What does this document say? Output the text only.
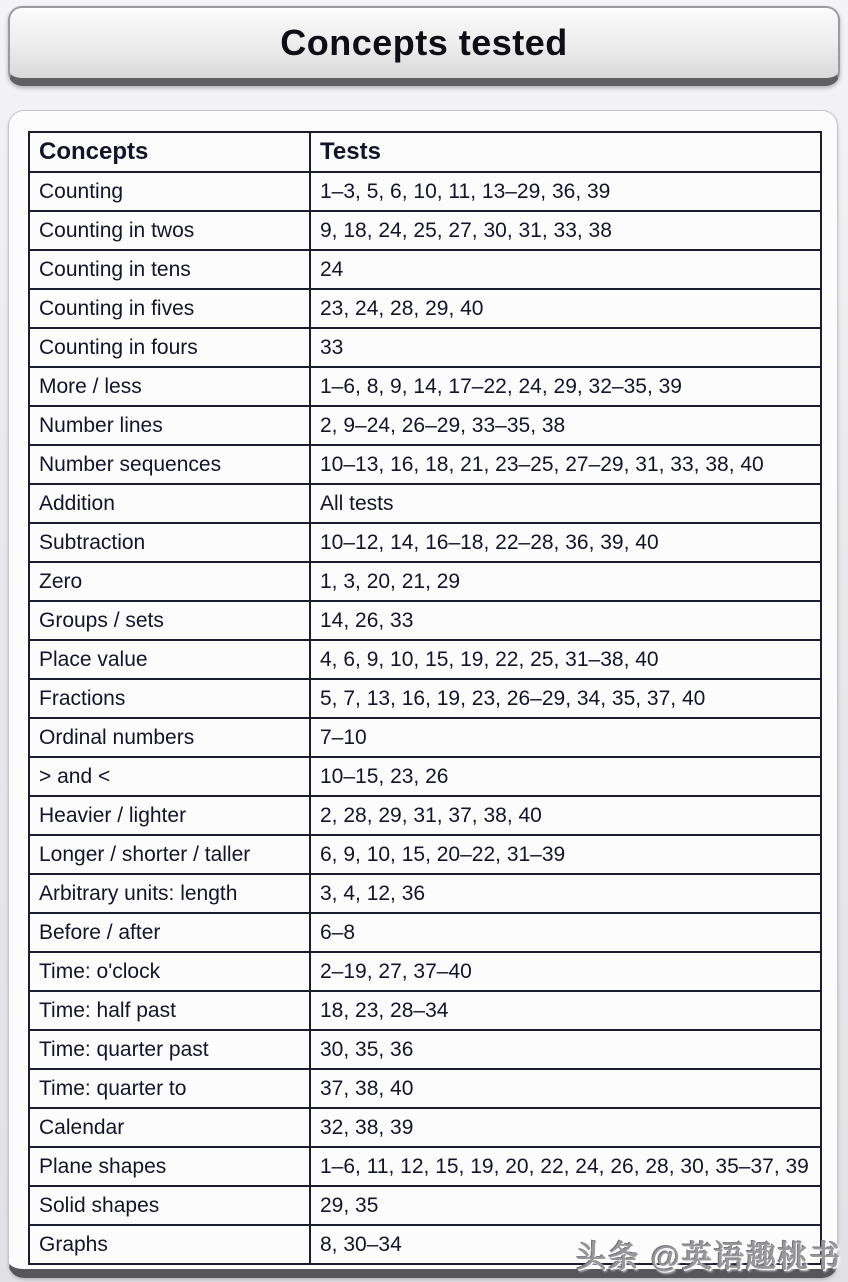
Concepts tested
Concepts	Tests
Counting	1–3, 5, 6, 10, 11, 13–29, 36, 39
Counting in twos	9, 18, 24, 25, 27, 30, 31, 33, 38
Counting in tens	24
Counting in fives	23, 24, 28, 29, 40
Counting in fours	33
More / less	1–6, 8, 9, 14, 17–22, 24, 29, 32–35, 39
Number lines	2, 9–24, 26–29, 33–35, 38
Number sequences	10–13, 16, 18, 21, 23–25, 27–29, 31, 33, 38, 40
Addition	All tests
Subtraction	10–12, 14, 16–18, 22–28, 36, 39, 40
Zero	1, 3, 20, 21, 29
Groups / sets	14, 26, 33
Place value	4, 6, 9, 10, 15, 19, 22, 25, 31–38, 40
Fractions	5, 7, 13, 16, 19, 23, 26–29, 34, 35, 37, 40
Ordinal numbers	7–10
> and <	10–15, 23, 26
Heavier / lighter	2, 28, 29, 31, 37, 38, 40
Longer / shorter / taller	6, 9, 10, 15, 20–22, 31–39
Arbitrary units: length	3, 4, 12, 36
Before / after	6–8
Time: o'clock	2–19, 27, 37–40
Time: half past	18, 23, 28–34
Time: quarter past	30, 35, 36
Time: quarter to	37, 38, 40
Calendar	32, 38, 39
Plane shapes	1–6, 11, 12, 15, 19, 20, 22, 24, 26, 28, 30, 35–37, 39
Solid shapes	29, 35
Graphs	8, 30–34	头条 @英语趣桃书
